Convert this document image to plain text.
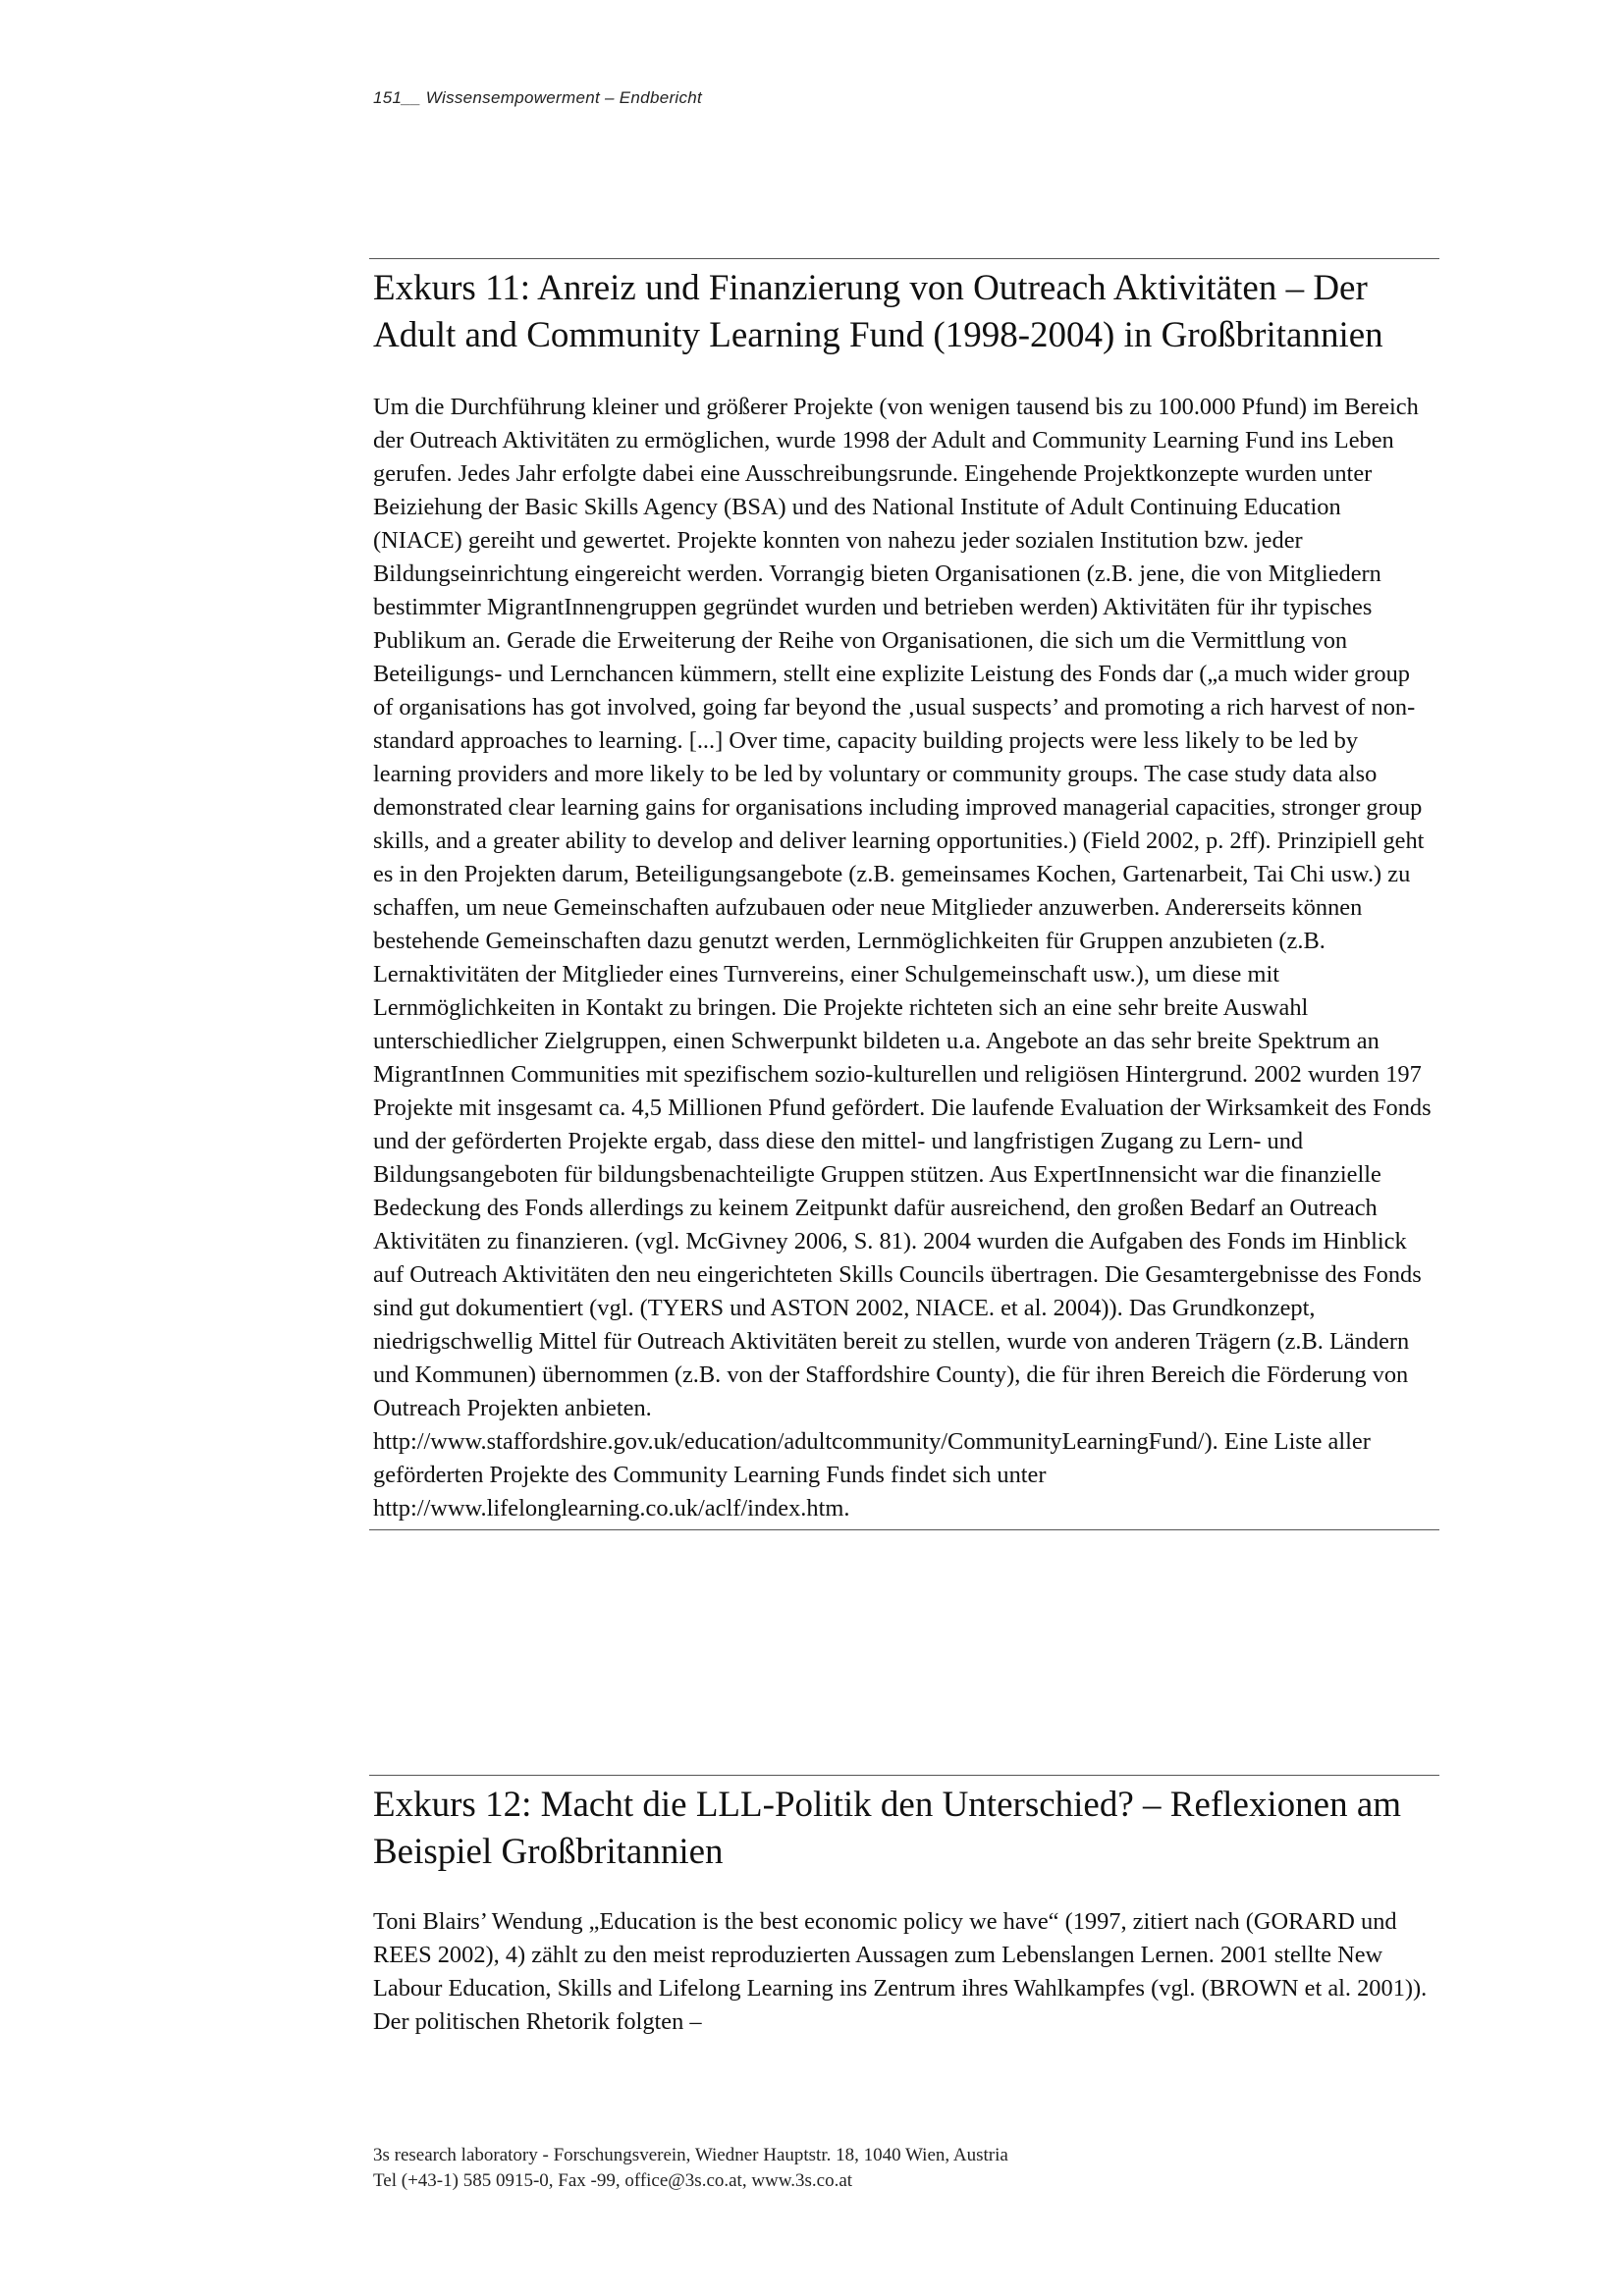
151__ Wissensempowerment – Endbericht
Exkurs 11: Anreiz und Finanzierung von Outreach Aktivitäten – Der Adult and Community Learning Fund (1998-2004) in Großbritannien

Um die Durchführung kleiner und größerer Projekte (von wenigen tausend bis zu 100.000 Pfund) im Bereich der Outreach Aktivitäten zu ermöglichen, wurde 1998 der Adult and Community Learning Fund ins Leben gerufen. Jedes Jahr erfolgte dabei eine Ausschreibungsrunde. Eingehende Projektkonzepte wurden unter Beiziehung der Basic Skills Agency (BSA) und des National Institute of Adult Continuing Education (NIACE) gereiht und gewertet. Projekte konnten von nahezu jeder sozialen Institution bzw. jeder Bildungseinrichtung eingereicht werden. Vorrangig bieten Organisationen (z.B. jene, die von Mitgliedern bestimmter MigrantInnengruppen gegründet wurden und betrieben werden) Aktivitäten für ihr typisches Publikum an. Gerade die Erweiterung der Reihe von Organisationen, die sich um die Vermittlung von Beteiligungs- und Lernchancen kümmern, stellt eine explizite Leistung des Fonds dar („a much wider group of organisations has got involved, going far beyond the ‚usual suspects’ and promoting a rich harvest of non-standard approaches to learning. [...] Over time, capacity building projects were less likely to be led by learning providers and more likely to be led by voluntary or community groups. The case study data also demonstrated clear learning gains for organisations including improved managerial capacities, stronger group skills, and a greater ability to develop and deliver learning opportunities.) (Field 2002, p. 2ff). Prinzipiell geht es in den Projekten darum, Beteiligungsangebote (z.B. gemeinsames Kochen, Gartenarbeit, Tai Chi usw.) zu schaffen, um neue Gemeinschaften aufzubauen oder neue Mitglieder anzuwerben. Andererseits können bestehende Gemeinschaften dazu genutzt werden, Lernmöglichkeiten für Gruppen anzubieten (z.B. Lernaktivitäten der Mitglieder eines Turnvereins, einer Schulgemeinschaft usw.), um diese mit Lernmöglichkeiten in Kontakt zu bringen. Die Projekte richteten sich an eine sehr breite Auswahl unterschiedlicher Zielgruppen, einen Schwerpunkt bildeten u.a. Angebote an das sehr breite Spektrum an MigrantInnen Communities mit spezifischem sozio-kulturellen und religiösen Hintergrund. 2002 wurden 197 Projekte mit insgesamt ca. 4,5 Millionen Pfund gefördert. Die laufende Evaluation der Wirksamkeit des Fonds und der geförderten Projekte ergab, dass diese den mittel- und langfristigen Zugang zu Lern- und Bildungsangeboten für bildungsbenachteiligte Gruppen stützen. Aus ExpertInnensicht war die finanzielle Bedeckung des Fonds allerdings zu keinem Zeitpunkt dafür ausreichend, den großen Bedarf an Outreach Aktivitäten zu finanzieren. (vgl. McGivney 2006, S. 81). 2004 wurden die Aufgaben des Fonds im Hinblick auf Outreach Aktivitäten den neu eingerichteten Skills Councils übertragen. Die Gesamtergebnisse des Fonds sind gut dokumentiert (vgl. (TYERS und ASTON 2002, NIACE. et al. 2004)). Das Grundkonzept, niedrigschwellig Mittel für Outreach Aktivitäten bereit zu stellen, wurde von anderen Trägern (z.B. Ländern und Kommunen) übernommen (z.B. von der Staffordshire County), die für ihren Bereich die Förderung von Outreach Projekten anbieten. http://www.staffordshire.gov.uk/education/adultcommunity/CommunityLearningFund/). Eine Liste aller geförderten Projekte des Community Learning Funds findet sich unter http://www.lifelonglearning.co.uk/aclf/index.htm.

Exkurs 12: Macht die LLL-Politik den Unterschied? – Reflexionen am Beispiel Großbritannien

Toni Blairs’ Wendung „Education is the best economic policy we have“ (1997, zitiert nach (GORARD und REES 2002), 4) zählt zu den meist reproduzierten Aussagen zum Lebenslangen Lernen. 2001 stellte New Labour Education, Skills and Lifelong Learning ins Zentrum ihres Wahlkampfes (vgl. (BROWN et al. 2001)). Der politischen Rhetorik folgten –

3s research laboratory - Forschungsverein, Wiedner Hauptstr. 18, 1040 Wien, Austria
Tel (+43-1) 585 0915-0, Fax -99, office@3s.co.at, www.3s.co.at
